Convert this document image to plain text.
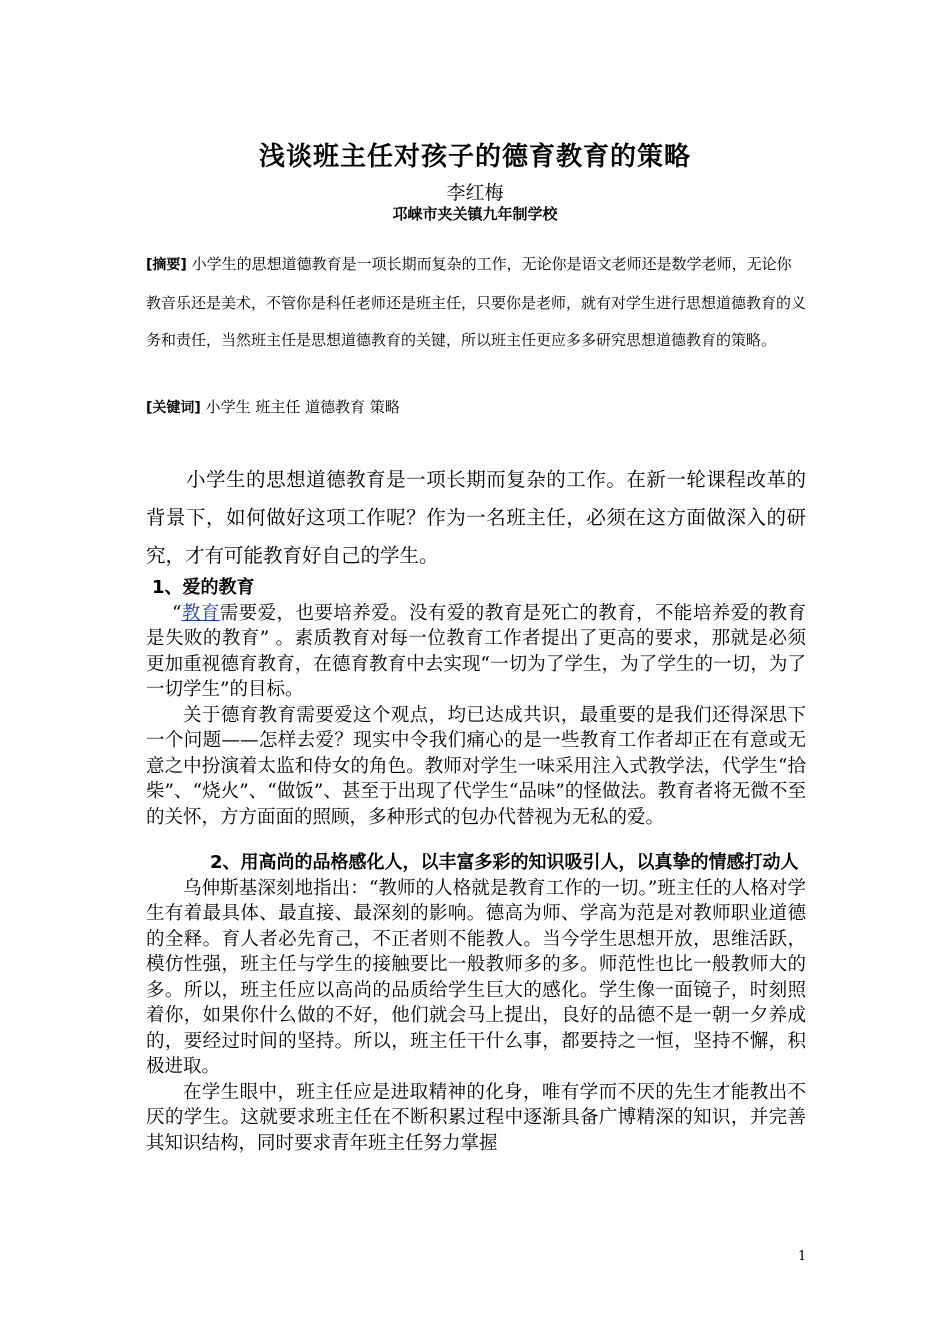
浅谈班主任对孩子的德育教育的策略
李红梅
邛崃市夹关镇九年制学校
[摘要] 小学生的思想道德教育是一项长期而复杂的工作，无论你是语文老师还是数学老师，无论你教音乐还是美术，不管你是科任老师还是班主任，只要你是老师，就有对学生进行思想道德教育的义务和责任，当然班主任是思想道德教育的关键，所以班主任更应多多研究思想道德教育的策略。
[关键词] 小学生 班主任 道德教育 策略
小学生的思想道德教育是一项长期而复杂的工作。在新一轮课程改革的背景下，如何做好这项工作呢？作为一名班主任，必须在这方面做深入的研究，才有可能教育好自己的学生。
1、爱的教育

“教育需要爱，也要培养爱。没有爱的教育是死亡的教育，不能培养爱的教育是失败的教育” 。素质教育对每一位教育工作者提出了更高的要求，那就是必须更加重视德育教育，在德育教育中去实现“一切为了学生，为了学生的一切，为了一切学生”的目标。

关于德育教育需要爱这个观点，均已达成共识，最重要的是我们还得深思下一个问题——怎样去爱？现实中令我们痛心的是一些教育工作者却正在有意或无意之中扮演着太监和侍女的角色。教师对学生一味采用注入式教学法，代学生“拾柴”、“烧火”、“做饭”、甚至于出现了代学生“品味”的怪做法。教育者将无微不至的关怀，方方面面的照顾，多种形式的包办代替视为无私的爱。

2、用高尚的品格感化人，以丰富多彩的知识吸引人，以真挚的情感打动人

乌伸斯基深刻地指出：“教师的人格就是教育工作的一切。”班主任的人格对学生有着最具体、最直接、最深刻的影响。德高为师、学高为范是对教师职业道德的全释。育人者必先育己，不正者则不能教人。当今学生思想开放，思维活跃，模仿性强，班主任与学生的接触要比一般教师多的多。师范性也比一般教师大的多。所以，班主任应以高尚的品质给学生巨大的感化。学生像一面镜子，时刻照着你，如果你什么做的不好，他们就会马上提出，良好的品德不是一朝一夕养成的，要经过时间的坚持。所以，班主任干什么事，都要持之一恒，坚持不懈，积极进取。

在学生眼中，班主任应是进取精神的化身，唯有学而不厌的先生才能教出不厌的学生。这就要求班主任在不断积累过程中逐渐具备广博精深的知识，并完善其知识结构，同时要求青年班主任努力掌握

1
